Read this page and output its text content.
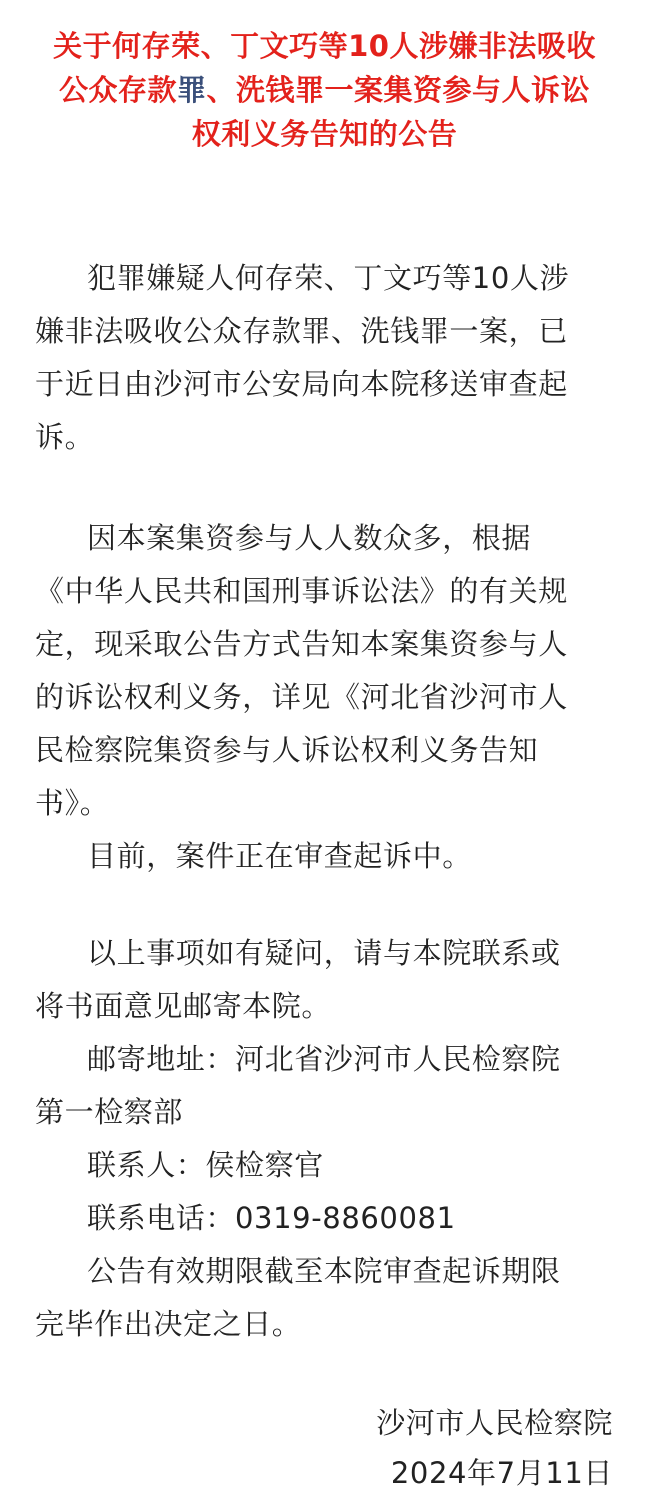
关于何存荣、丁文巧等10人涉嫌非法吸收
公众存款罪、洗钱罪一案集资参与人诉讼
权利义务告知的公告
犯罪嫌疑人何存荣、丁文巧等10人涉
嫌非法吸收公众存款罪、洗钱罪一案，已
于近日由沙河市公安局向本院移送审查起
诉。
因本案集资参与人人数众多，根据
《中华人民共和国刑事诉讼法》的有关规
定，现采取公告方式告知本案集资参与人
的诉讼权利义务，详见《河北省沙河市人
民检察院集资参与人诉讼权利义务告知
书》。
目前，案件正在审查起诉中。
以上事项如有疑问，请与本院联系或
将书面意见邮寄本院。
邮寄地址：河北省沙河市人民检察院
第一检察部
联系人：侯检察官
联系电话：0319-8860081
公告有效期限截至本院审查起诉期限
完毕作出决定之日。
沙河市人民检察院
2024年7月11日
